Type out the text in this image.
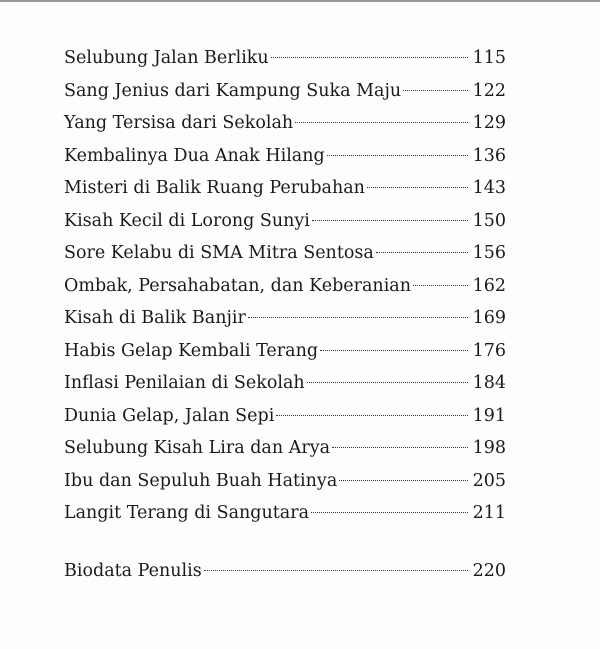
Selubung Jalan Berliku	115
Sang Jenius dari Kampung Suka Maju	122
Yang Tersisa dari Sekolah	129
Kembalinya Dua Anak Hilang	136
Misteri di Balik Ruang Perubahan	143
Kisah Kecil di Lorong Sunyi	150
Sore Kelabu di SMA Mitra Sentosa	156
Ombak, Persahabatan, dan Keberanian	162
Kisah di Balik Banjir	169
Habis Gelap Kembali Terang	176
Inflasi Penilaian di Sekolah	184
Dunia Gelap, Jalan Sepi	191
Selubung Kisah Lira dan Arya	198
Ibu dan Sepuluh Buah Hatinya	205
Langit Terang di Sangutara	211
Biodata Penulis	220
